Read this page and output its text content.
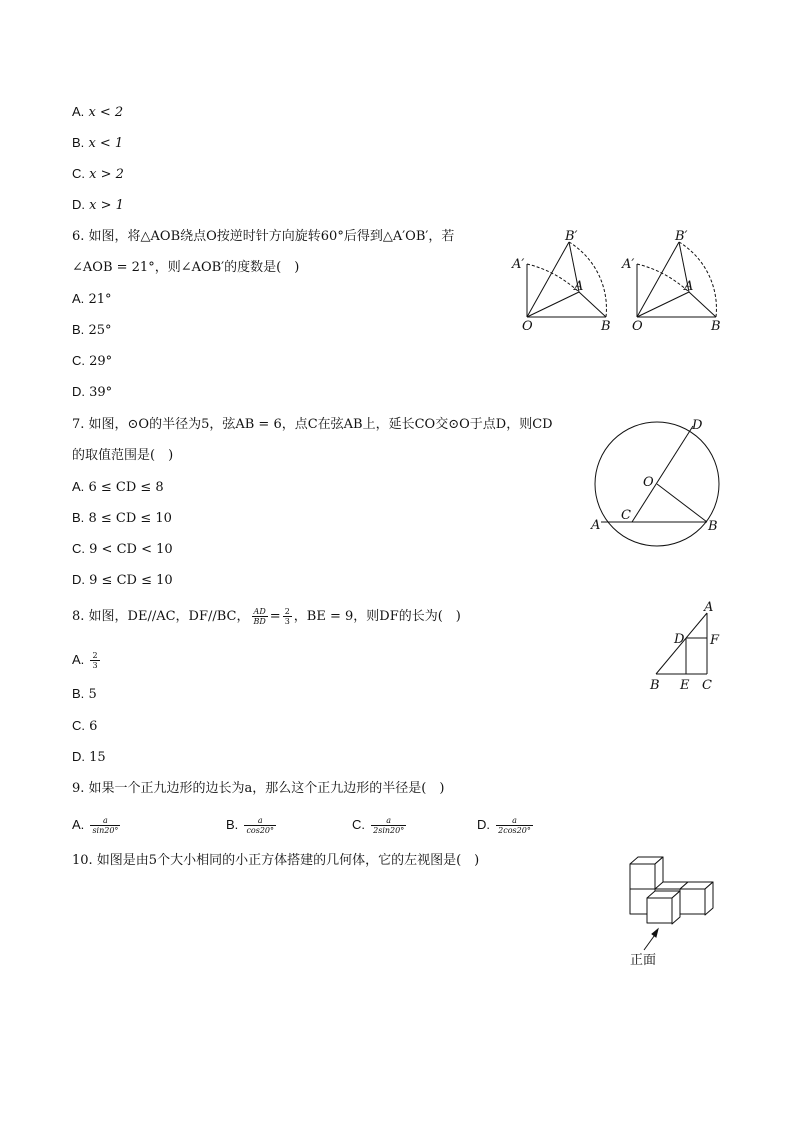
A. x < 2
B. x < 1
C. x > 2
D. x > 1
6. 如图，将△AOB绕点O按逆时针方向旋转60°后得到△A′OB′，若
∠AOB = 21°，则∠AOB′的度数是(　)
A. 21°
B. 25°
C. 29°
D. 39°
B′
A′
A
O	B
B′
A′
A
O	B
7. 如图，⊙O的半径为5，弦AB = 6，点C在弦AB上，延长CO交⊙O于点D，则CD
的取值范围是(　)
A. 6 ≤ CD ≤ 8
B. 8 ≤ CD ≤ 10
C. 9 < CD < 10
D. 9 ≤ CD ≤ 10
D
O
C
A	B
8. 如图，DE//AC，DF//BC， $\frac{AD}{BD} = \frac{2}{3}$ ，BE = 9，则DF的长为(　)
A. $\frac{2}{3}$
B. 5
C. 6
D. 15
A
D F
B E C
9. 如果一个正九边形的边长为a，那么这个正九边形的半径是(　)
A. $\frac{a}{\sin 20^\circ}$	B. $\frac{a}{\cos 20^\circ}$	C. $\frac{a}{2\sin 20^\circ}$	D. $\frac{a}{2\cos 20^\circ}$
10. 如图是由5个大小相同的小正方体搭建的几何体，它的左视图是(　)
正面
